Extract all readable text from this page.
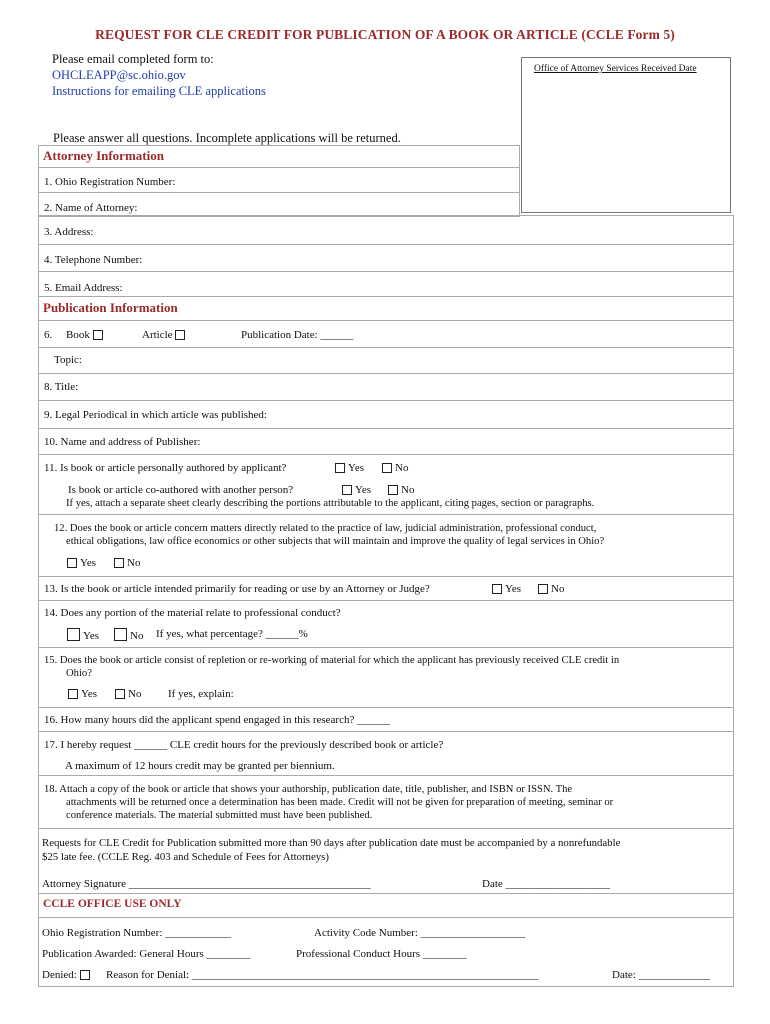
REQUEST FOR CLE CREDIT FOR PUBLICATION OF A BOOK OR ARTICLE (CCLE Form 5)
Please email completed form to:
OHCLEAPP@sc.ohio.gov
Instructions for emailing CLE applications
Office of Attorney Services Received Date
Please answer all questions. Incomplete applications will be returned.
Attorney Information
1. Ohio Registration Number:
2. Name of Attorney:
3. Address:
4. Telephone Number:
5. Email Address:
Publication Information
6. Book	Article	Publication Date: ______
Topic:
8. Title:
9. Legal Periodical in which article was published:
10. Name and address of Publisher:
11. Is book or article personally authored by applicant?	Yes	No
Is book or article co-authored with another person?	Yes	No
If yes, attach a separate sheet clearly describing the portions attributable to the applicant, citing pages, section or paragraphs.
12. Does the book or article concern matters directly related to the practice of law, judicial administration, professional conduct,
ethical obligations, law office economics or other subjects that will maintain and improve the quality of legal services in Ohio?
Yes	No
13. Is the book or article intended primarily for reading or use by an Attorney or Judge?	Yes	No
14. Does any portion of the material relate to professional conduct?
Yes	No If yes, what percentage? ______%
15. Does the book or article consist of repletion or re-working of material for which the applicant has previously received CLE credit in
Ohio?
Yes	No If yes, explain:
16. How many hours did the applicant spend engaged in this research? ______
17. I hereby request ______ CLE credit hours for the previously described book or article?
A maximum of 12 hours credit may be granted per biennium.
18. Attach a copy of the book or article that shows your authorship, publication date, title, publisher, and ISBN or ISSN. The
attachments will be returned once a determination has been made. Credit will not be given for preparation of meeting, seminar or
conference materials. The material submitted must have been published.
Requests for CLE Credit for Publication submitted more than 90 days after publication date must be accompanied by a nonrefundable
$25 late fee. (CCLE Reg. 403 and Schedule of Fees for Attorneys)
Attorney Signature ____________________________________________	Date ___________________
CCLE OFFICE USE ONLY
Ohio Registration Number: ____________	Activity Code Number: ___________________
Publication Awarded: General Hours ________	Professional Conduct Hours ________
Denied:	Reason for Denial: _______________________________________________________________	Date: _____________
